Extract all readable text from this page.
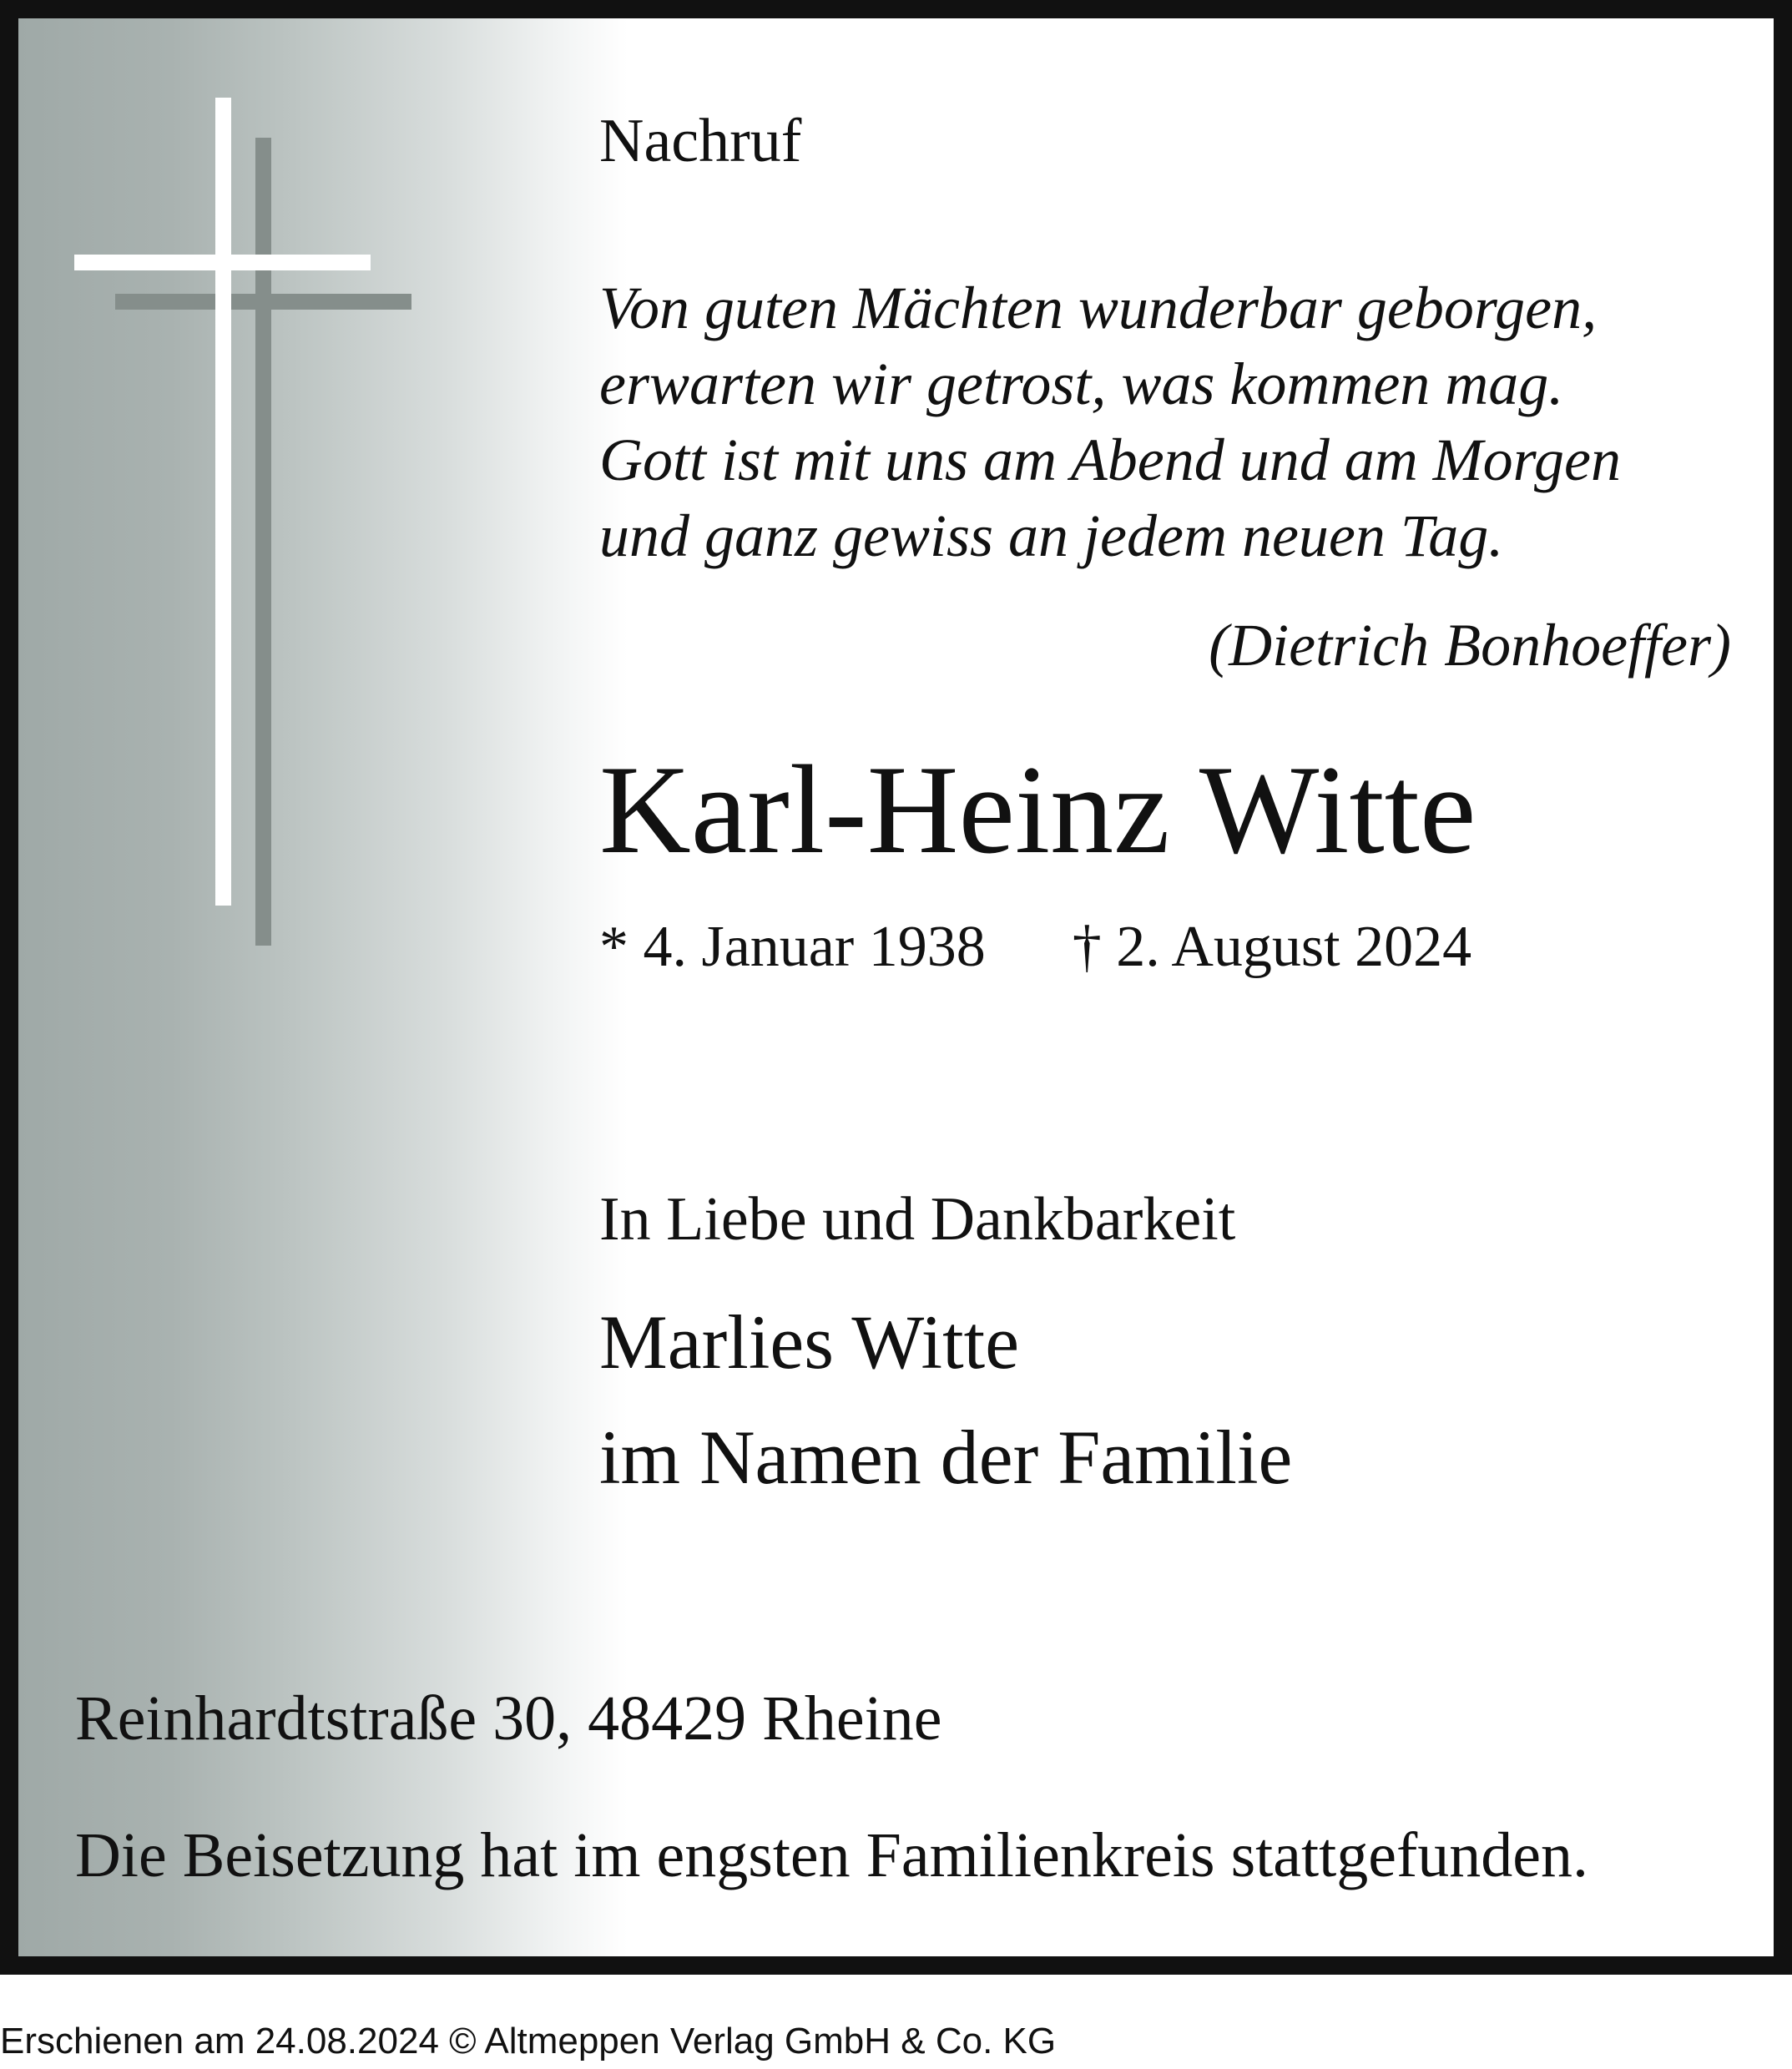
Nachruf

Von guten Mächten wunderbar geborgen,
erwarten wir getrost, was kommen mag.
Gott ist mit uns am Abend und am Morgen
und ganz gewiss an jedem neuen Tag.

(Dietrich Bonhoeffer)

Karl-Heinz Witte

* 4. Januar 1938 † 2. August 2024

In Liebe und Dankbarkeit

Marlies Witte

im Namen der Familie

Reinhardtstraße 30, 48429 Rheine

Die Beisetzung hat im engsten Familienkreis stattgefunden.

Erschienen am 24.08.2024 © Altmeppen Verlag GmbH & Co. KG
